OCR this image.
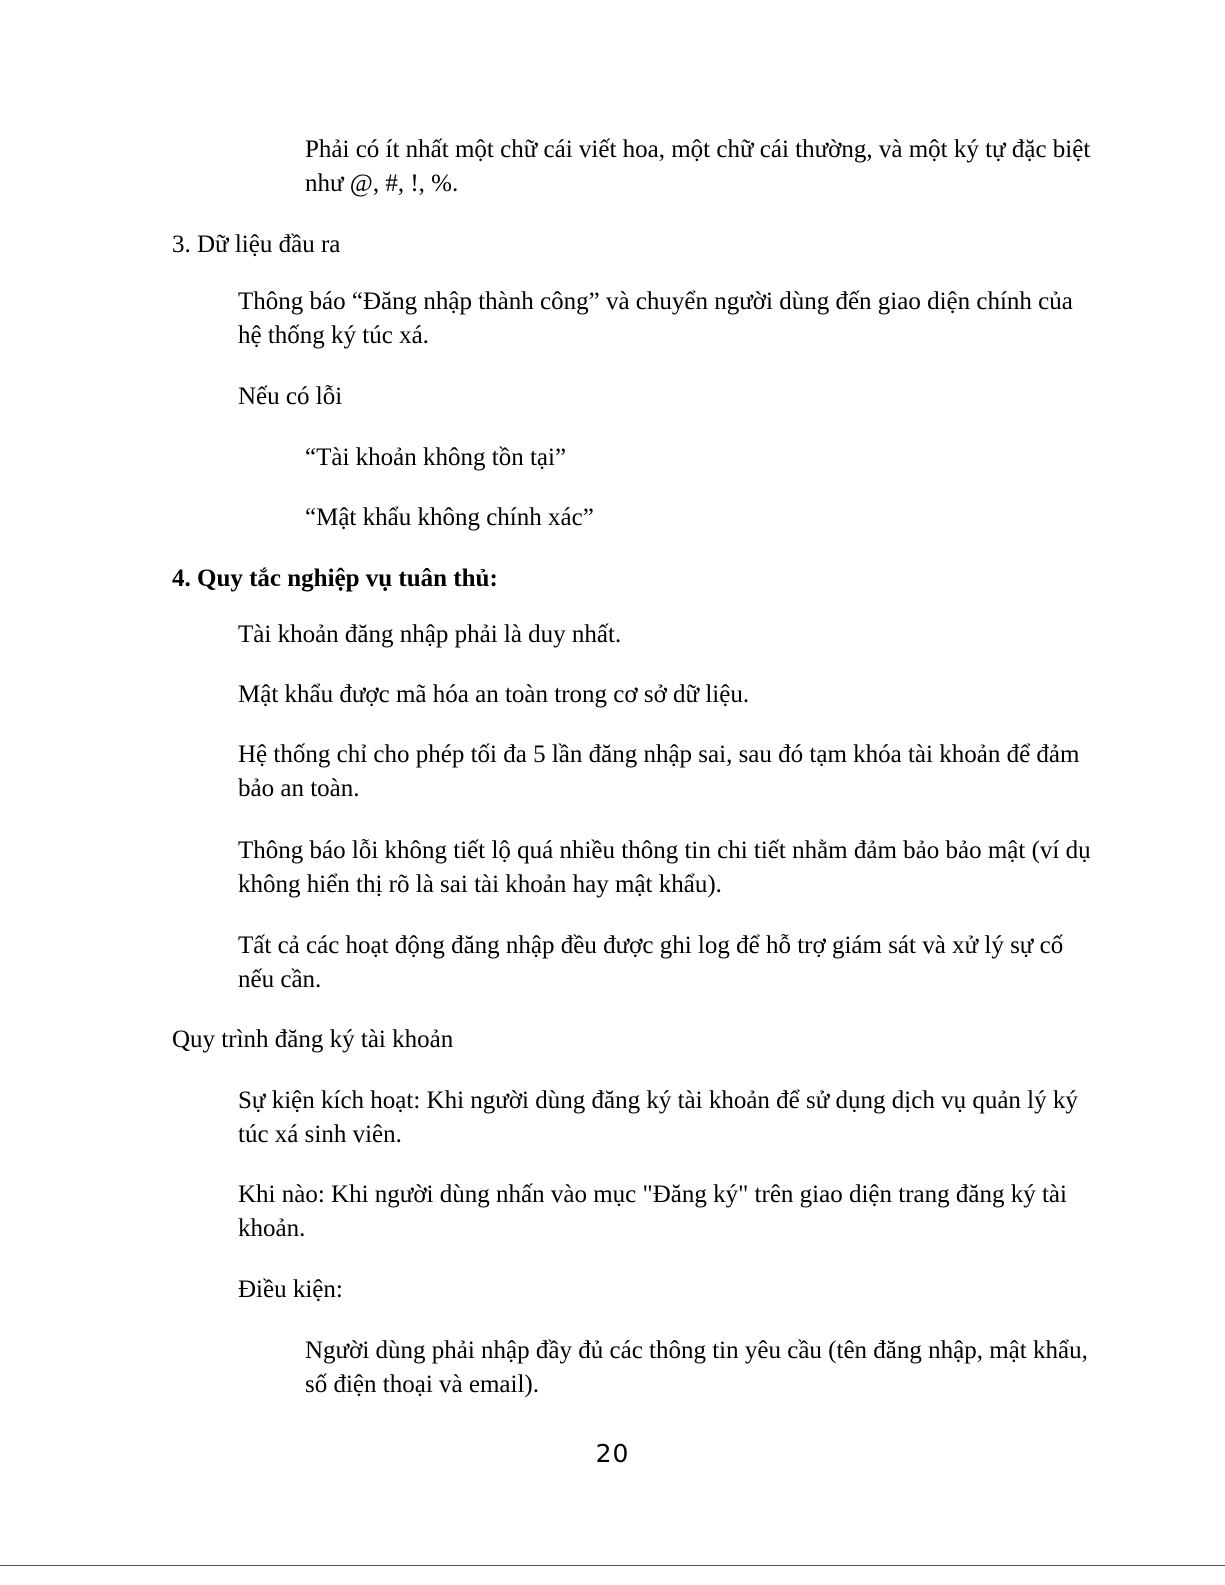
Phải có ít nhất một chữ cái viết hoa, một chữ cái thường, và một ký tự đặc biệt như @, #, !, %.

3. Dữ liệu đầu ra

Thông báo “Đăng nhập thành công” và chuyển người dùng đến giao diện chính của hệ thống ký túc xá.

Nếu có lỗi

“Tài khoản không tồn tại”

“Mật khẩu không chính xác”

4. Quy tắc nghiệp vụ tuân thủ:

Tài khoản đăng nhập phải là duy nhất.

Mật khẩu được mã hóa an toàn trong cơ sở dữ liệu.

Hệ thống chỉ cho phép tối đa 5 lần đăng nhập sai, sau đó tạm khóa tài khoản để đảm bảo an toàn.

Thông báo lỗi không tiết lộ quá nhiều thông tin chi tiết nhằm đảm bảo bảo mật (ví dụ không hiển thị rõ là sai tài khoản hay mật khẩu).

Tất cả các hoạt động đăng nhập đều được ghi log để hỗ trợ giám sát và xử lý sự cố nếu cần.

Quy trình đăng ký tài khoản

Sự kiện kích hoạt: Khi người dùng đăng ký tài khoản để sử dụng dịch vụ quản lý ký túc xá sinh viên.

Khi nào: Khi người dùng nhấn vào mục "Đăng ký" trên giao diện trang đăng ký tài khoản.

Điều kiện:

Người dùng phải nhập đầy đủ các thông tin yêu cầu (tên đăng nhập, mật khẩu, số điện thoại và email).

20
